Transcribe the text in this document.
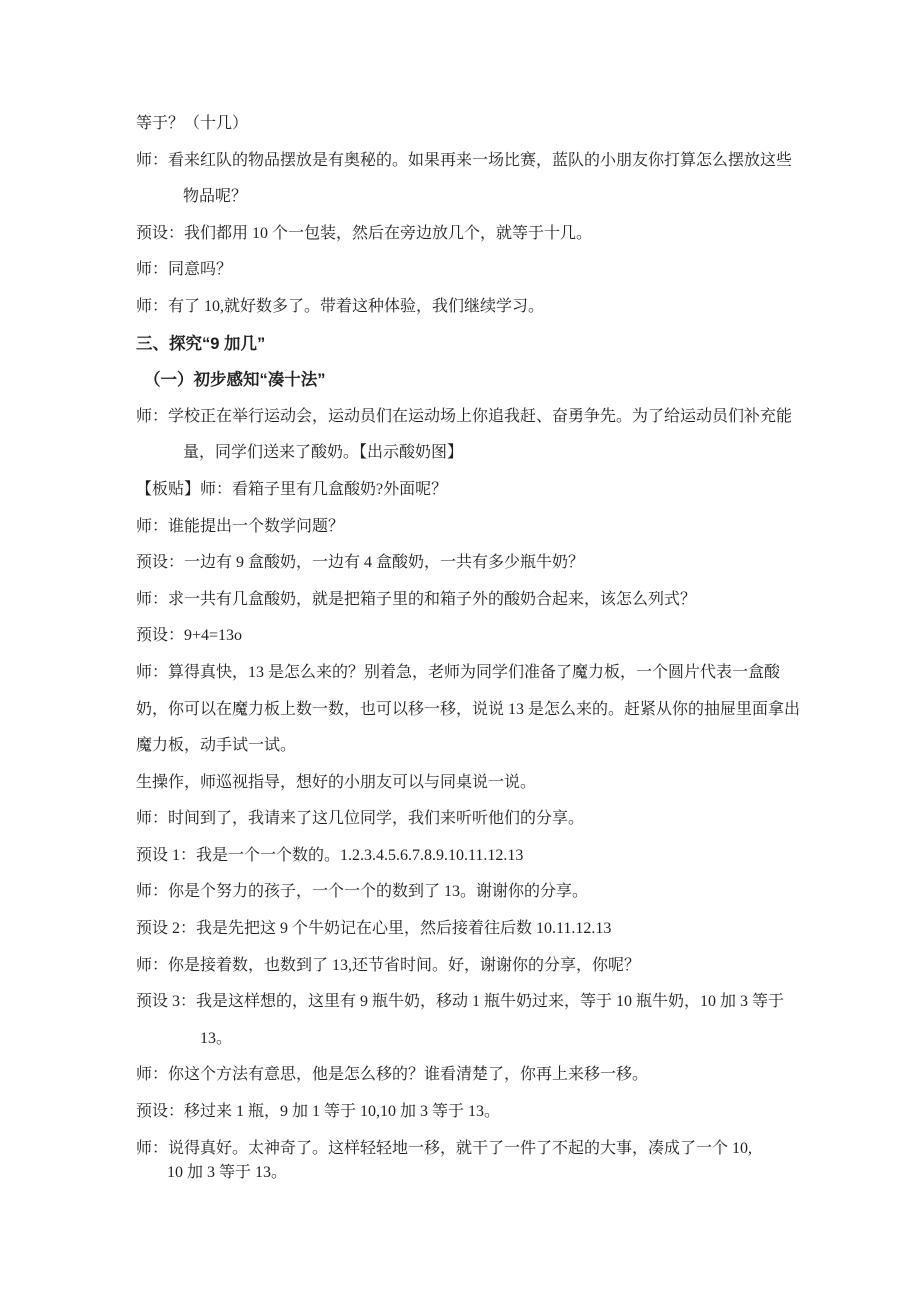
等于？（十几）
师：看来红队的物品摆放是有奥秘的。如果再来一场比赛，蓝队的小朋友你打算怎么摆放这些
物品呢？
预设：我们都用 10 个一包装，然后在旁边放几个，就等于十几。
师：同意吗？
师：有了 10,就好数多了。带着这种体验，我们继续学习。
三、探究“9 加几”
（一）初步感知“凑十法”
师：学校正在举行运动会，运动员们在运动场上你追我赶、奋勇争先。为了给运动员们补充能
量，同学们送来了酸奶。【出示酸奶图】
【板贴】师：看箱子里有几盒酸奶?外面呢？
师：谁能提出一个数学问题？
预设：一边有 9 盒酸奶，一边有 4 盒酸奶，一共有多少瓶牛奶？
师：求一共有几盒酸奶，就是把箱子里的和箱子外的酸奶合起来，该怎么列式？
预设：9+4=13o
师：算得真快，13 是怎么来的？别着急，老师为同学们准备了魔力板，一个圆片代表一盒酸
奶，你可以在魔力板上数一数，也可以移一移，说说 13 是怎么来的。赶紧从你的抽屉里面拿出
魔力板，动手试一试。
生操作，师巡视指导，想好的小朋友可以与同桌说一说。
师：时间到了，我请来了这几位同学，我们来听听他们的分享。
预设 1：我是一个一个数的。1.2.3.4.5.6.7.8.9.10.11.12.13
师：你是个努力的孩子，一个一个的数到了 13。谢谢你的分享。
预设 2：我是先把这 9 个牛奶记在心里，然后接着往后数 10.11.12.13
师：你是接着数，也数到了 13,还节省时间。好，谢谢你的分享，你呢？
预设 3：我是这样想的，这里有 9 瓶牛奶，移动 1 瓶牛奶过来，等于 10 瓶牛奶，10 加 3 等于
13。
师：你这个方法有意思，他是怎么移的？谁看清楚了，你再上来移一移。
预设：移过来 1 瓶，9 加 1 等于 10,10 加 3 等于 13。
师：说得真好。太神奇了。这样轻轻地一移，就干了一件了不起的大事，凑成了一个 10,
10 加 3 等于 13。
